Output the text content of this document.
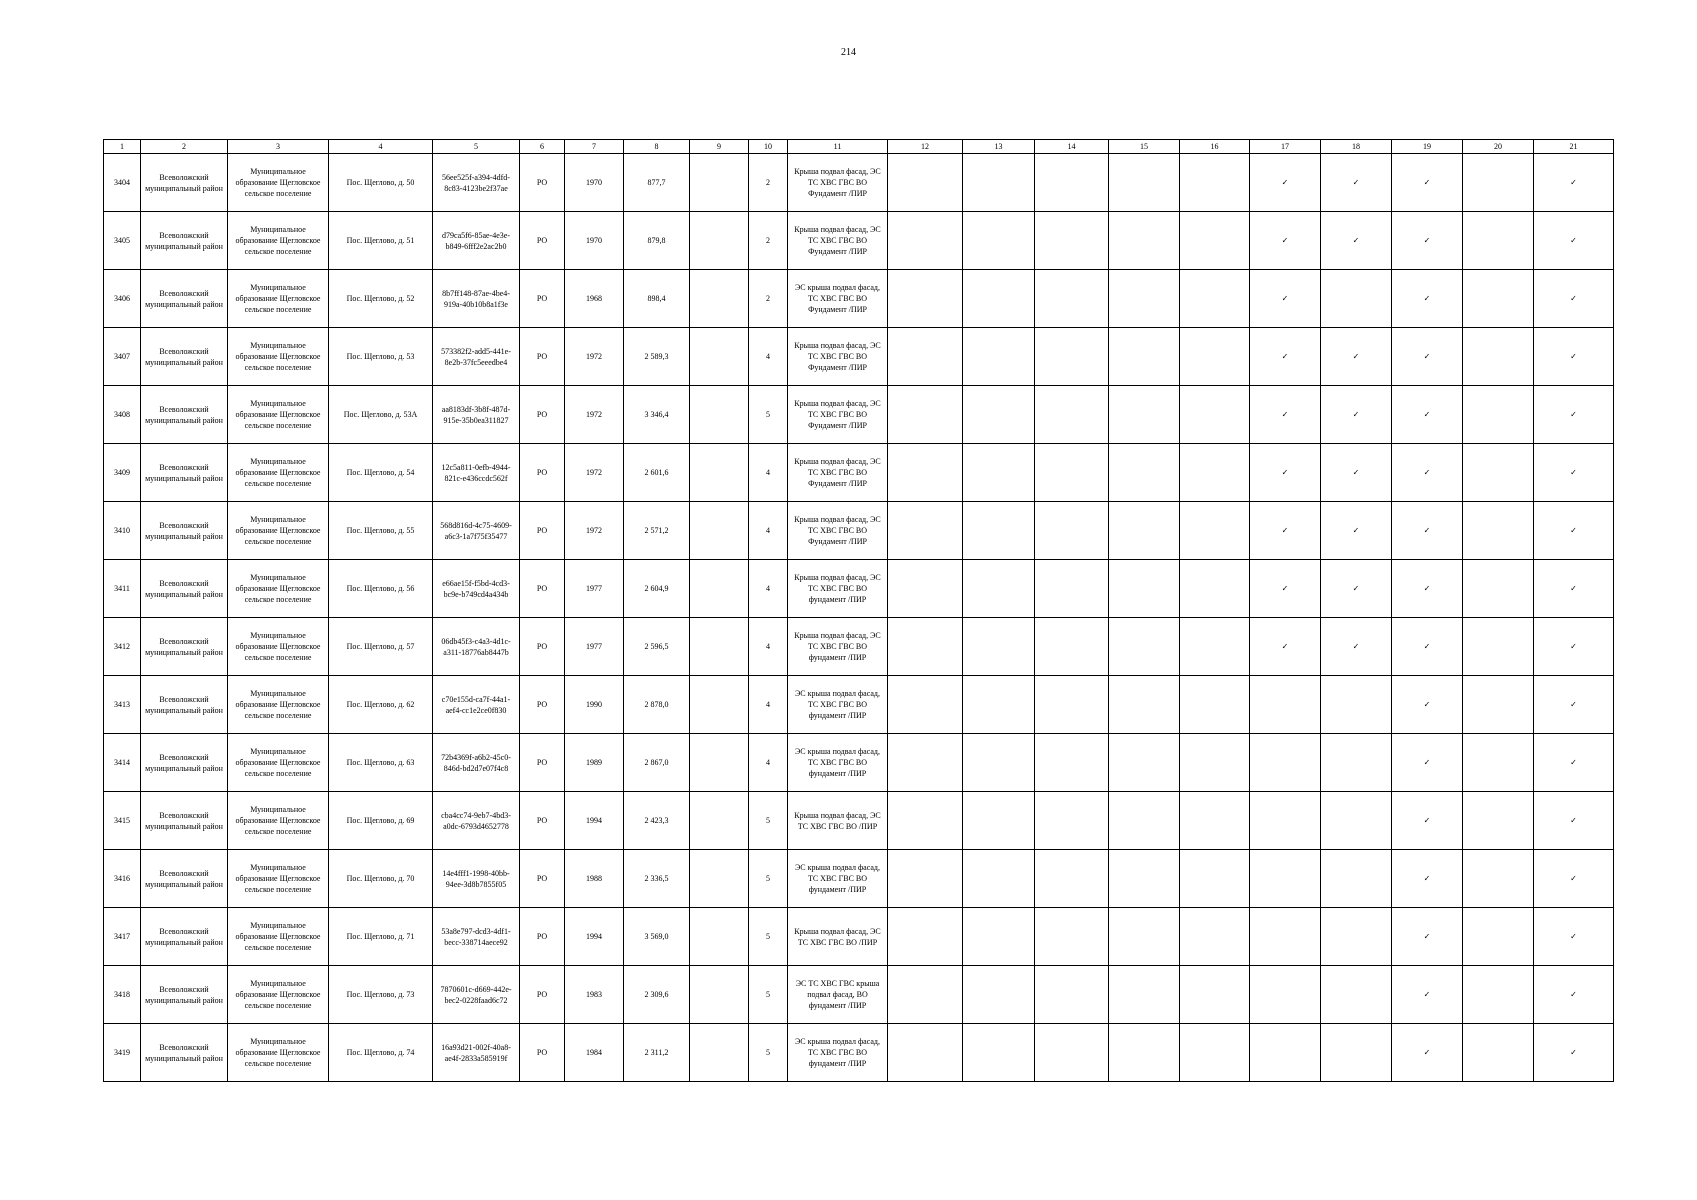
214
1	2	3	4	5	6	7	8	9	10	11	12	13	14	15	16	17	18	19	20	21
3404	Всеволожский муниципальный район	Муниципальное образование Щегловское сельское поселение	Пос. Щеглово, д. 50	56ee525f-a394-4dfd-8c83-4123be2f37ae	РО	1970	877,7		2	Крыша подвал фасад, ЭС ТС ХВС ГВС ВО Фундамент /ПИР						✓	✓	✓		✓
3405	Всеволожский муниципальный район	Муниципальное образование Щегловское сельское поселение	Пос. Щеглово, д. 51	d79ca5f6-85ae-4e3e-b849-6fff2e2ac2b0	РО	1970	879,8		2	Крыша подвал фасад, ЭС ТС ХВС ГВС ВО Фундамент /ПИР						✓	✓	✓		✓
3406	Всеволожский муниципальный район	Муниципальное образование Щегловское сельское поселение	Пос. Щеглово, д. 52	8b7ff148-87ae-4be4-919a-40b10b8a1f3e	РО	1968	898,4		2	ЭС крыша подвал фасад, ТС ХВС ГВС ВО Фундамент /ПИР						✓		✓		✓
3407	Всеволожский муниципальный район	Муниципальное образование Щегловское сельское поселение	Пос. Щеглово, д. 53	573382f2-add5-441e-8e2b-37fc5eeedbe4	РО	1972	2 589,3		4	Крыша подвал фасад, ЭС ТС ХВС ГВС ВО Фундамент /ПИР						✓	✓	✓		✓
3408	Всеволожский муниципальный район	Муниципальное образование Щегловское сельское поселение	Пос. Щеглово, д. 53А	aa8183df-3b8f-487d-915e-35b0ea311827	РО	1972	3 346,4		5	Крыша подвал фасад, ЭС ТС ХВС ГВС ВО Фундамент /ПИР						✓	✓	✓		✓
3409	Всеволожский муниципальный район	Муниципальное образование Щегловское сельское поселение	Пос. Щеглово, д. 54	12c5a811-0efb-4944-821c-e436ccdc562f	РО	1972	2 601,6		4	Крыша подвал фасад, ЭС ТС ХВС ГВС ВО Фундамент /ПИР						✓	✓	✓		✓
3410	Всеволожский муниципальный район	Муниципальное образование Щегловское сельское поселение	Пос. Щеглово, д. 55	568d816d-4c75-4609-a6c3-1a7f75f35477	РО	1972	2 571,2		4	Крыша подвал фасад, ЭС ТС ХВС ГВС ВО Фундамент /ПИР						✓	✓	✓		✓
3411	Всеволожский муниципальный район	Муниципальное образование Щегловское сельское поселение	Пос. Щеглово, д. 56	e66ae15f-f5bd-4cd3-bc9e-b749cd4a434b	РО	1977	2 604,9		4	Крыша подвал фасад, ЭС ТС ХВС ГВС ВО фундамент /ПИР						✓	✓	✓		✓
3412	Всеволожский муниципальный район	Муниципальное образование Щегловское сельское поселение	Пос. Щеглово, д. 57	06db45f3-c4a3-4d1c-a311-18776ab8447b	РО	1977	2 596,5		4	Крыша подвал фасад, ЭС ТС ХВС ГВС ВО фундамент /ПИР						✓	✓	✓		✓
3413	Всеволожский муниципальный район	Муниципальное образование Щегловское сельское поселение	Пос. Щеглово, д. 62	c70e155d-ca7f-44a1-aef4-cc1e2ce0f830	РО	1990	2 878,0		4	ЭС крыша подвал фасад, ТС ХВС ГВС ВО фундамент /ПИР								✓		✓
3414	Всеволожский муниципальный район	Муниципальное образование Щегловское сельское поселение	Пос. Щеглово, д. 63	72b4369f-a6b2-45c0-846d-bd2d7e07f4c8	РО	1989	2 867,0		4	ЭС крыша подвал фасад, ТС ХВС ГВС ВО фундамент /ПИР								✓		✓
3415	Всеволожский муниципальный район	Муниципальное образование Щегловское сельское поселение	Пос. Щеглово, д. 69	cba4cc74-9eb7-4bd3-a0dc-6793d4652778	РО	1994	2 423,3		5	Крыша подвал фасад, ЭС ТС ХВС ГВС ВО /ПИР								✓		✓
3416	Всеволожский муниципальный район	Муниципальное образование Щегловское сельское поселение	Пос. Щеглово, д. 70	14e4fff1-1998-40bb-94ee-3d8b7855f05	РО	1988	2 336,5		5	ЭС крыша подвал фасад, ТС ХВС ГВС ВО фундамент /ПИР								✓		✓
3417	Всеволожский муниципальный район	Муниципальное образование Щегловское сельское поселение	Пос. Щеглово, д. 71	53a8e797-dcd3-4df1-becc-338714aece92	РО	1994	3 569,0		5	Крыша подвал фасад, ЭС ТС ХВС ГВС ВО /ПИР								✓		✓
3418	Всеволожский муниципальный район	Муниципальное образование Щегловское сельское поселение	Пос. Щеглово, д. 73	7870601c-d669-442e-bec2-0228faad6c72	РО	1983	2 309,6		5	ЭС ТС ХВС ГВС крыша подвал фасад, ВО фундамент /ПИР								✓		✓
3419	Всеволожский муниципальный район	Муниципальное образование Щегловское сельское поселение	Пос. Щеглово, д. 74	16a93d21-002f-40a8-ae4f-2833a585919f	РО	1984	2 311,2		5	ЭС крыша подвал фасад, ТС ХВС ГВС ВО фундамент /ПИР								✓		✓
